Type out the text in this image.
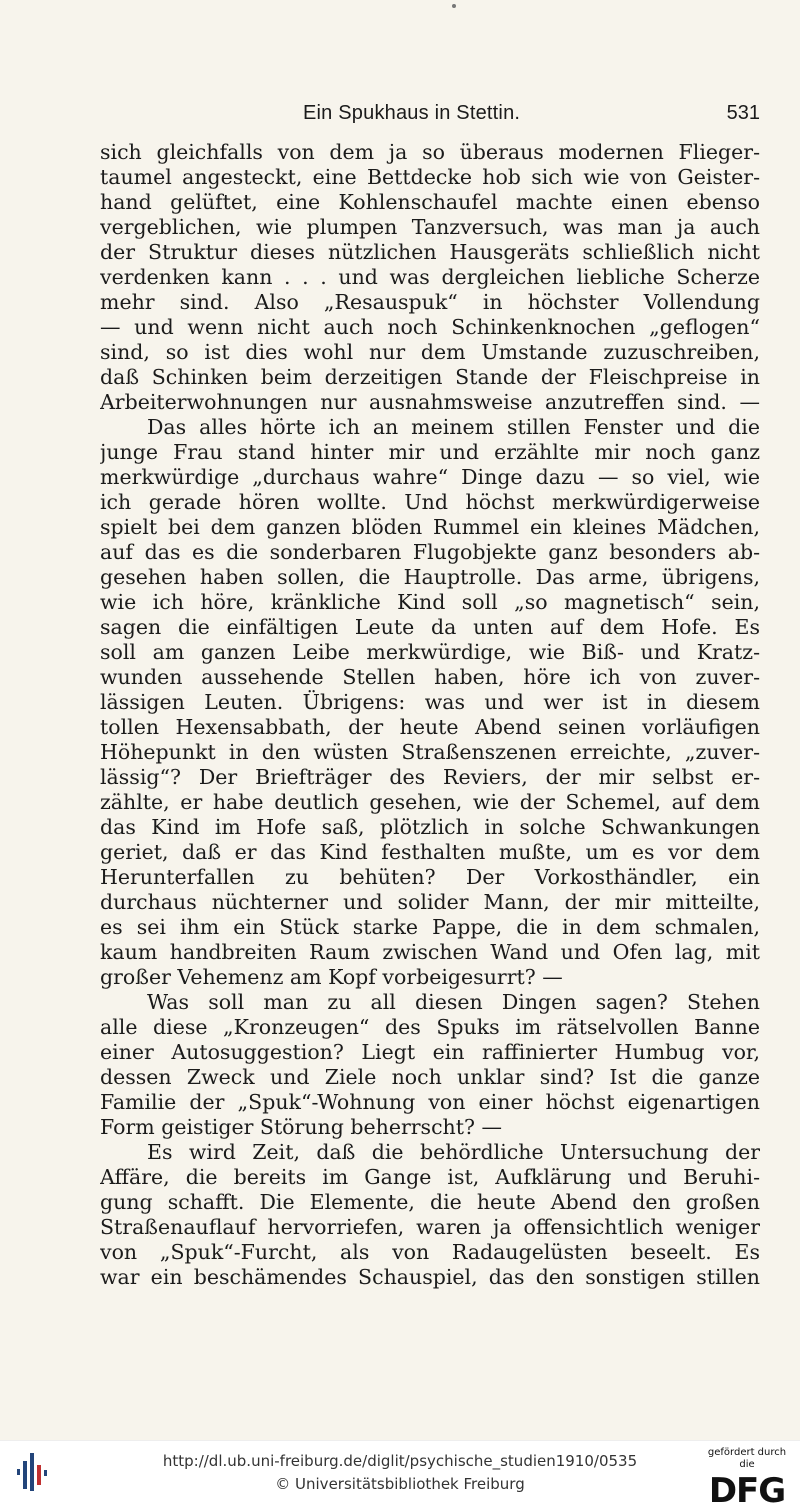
Ein Spukhaus in Stettin.	531
sich gleichfalls von dem ja so überaus modernen Flieger-
taumel angesteckt, eine Bettdecke hob sich wie von Geister-
hand gelüftet, eine Kohlenschaufel machte einen ebenso
vergeblichen, wie plumpen Tanzversuch, was man ja auch
der Struktur dieses nützlichen Hausgeräts schließlich nicht
verdenken kann . . . und was dergleichen liebliche Scherze
mehr sind. Also „Resauspuk“ in höchster Vollendung
— und wenn nicht auch noch Schinkenknochen „geflogen“
sind, so ist dies wohl nur dem Umstande zuzuschreiben,
daß Schinken beim derzeitigen Stande der Fleischpreise in
Arbeiterwohnungen nur ausnahmsweise anzutreffen sind. —
Das alles hörte ich an meinem stillen Fenster und die
junge Frau stand hinter mir und erzählte mir noch ganz
merkwürdige „durchaus wahre“ Dinge dazu — so viel, wie
ich gerade hören wollte. Und höchst merkwürdigerweise
spielt bei dem ganzen blöden Rummel ein kleines Mädchen,
auf das es die sonderbaren Flugobjekte ganz besonders ab-
gesehen haben sollen, die Hauptrolle. Das arme, übrigens,
wie ich höre, kränkliche Kind soll „so magnetisch“ sein,
sagen die einfältigen Leute da unten auf dem Hofe. Es
soll am ganzen Leibe merkwürdige, wie Biß- und Kratz-
wunden aussehende Stellen haben, höre ich von zuver-
lässigen Leuten. Übrigens: was und wer ist in diesem
tollen Hexensabbath, der heute Abend seinen vorläufigen
Höhepunkt in den wüsten Straßenszenen erreichte, „zuver-
lässig“? Der Briefträger des Reviers, der mir selbst er-
zählte, er habe deutlich gesehen, wie der Schemel, auf dem
das Kind im Hofe saß, plötzlich in solche Schwankungen
geriet, daß er das Kind festhalten mußte, um es vor dem
Herunterfallen zu behüten? Der Vorkosthändler, ein
durchaus nüchterner und solider Mann, der mir mitteilte,
es sei ihm ein Stück starke Pappe, die in dem schmalen,
kaum handbreiten Raum zwischen Wand und Ofen lag, mit
großer Vehemenz am Kopf vorbeigesurrt? —
Was soll man zu all diesen Dingen sagen? Stehen
alle diese „Kronzeugen“ des Spuks im rätselvollen Banne
einer Autosuggestion? Liegt ein raffinierter Humbug vor,
dessen Zweck und Ziele noch unklar sind? Ist die ganze
Familie der „Spuk“-Wohnung von einer höchst eigenartigen
Form geistiger Störung beherrscht? —
Es wird Zeit, daß die behördliche Untersuchung der
Affäre, die bereits im Gange ist, Aufklärung und Beruhi-
gung schafft. Die Elemente, die heute Abend den großen
Straßenauflauf hervorriefen, waren ja offensichtlich weniger
von „Spuk“-Furcht, als von Radaugelüsten beseelt. Es
war ein beschämendes Schauspiel, das den sonstigen stillen
http://dl.ub.uni-freiburg.de/diglit/psychische_studien1910/0535
© Universitätsbibliothek Freiburg
gefördert durch die
DFG
